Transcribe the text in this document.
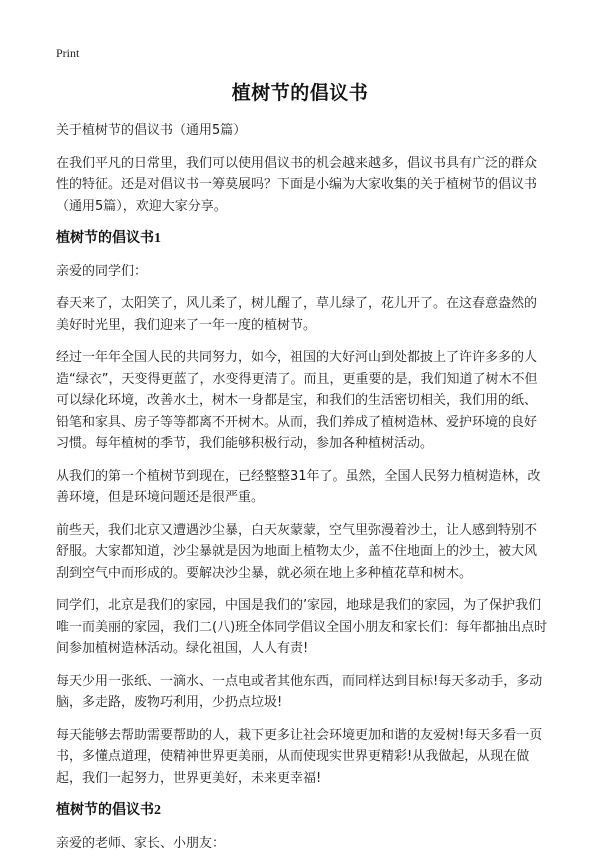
Print
植树节的倡议书

关于植树节的倡议书（通用5篇）

在我们平凡的日常里，我们可以使用倡议书的机会越来越多，倡议书具有广泛的群众性的特征。还是对倡议书一筹莫展吗？下面是小编为大家收集的关于植树节的倡议书（通用5篇），欢迎大家分享。

植树节的倡议书1

亲爱的同学们：

春天来了，太阳笑了，风儿柔了，树儿醒了，草儿绿了，花儿开了。在这春意盎然的美好时光里，我们迎来了一年一度的植树节。

经过一年年全国人民的共同努力，如今，祖国的大好河山到处都披上了许许多多的人造“绿衣”，天变得更蓝了，水变得更清了。而且，更重要的是，我们知道了树木不但可以绿化环境，改善水土，树木一身都是宝，和我们的生活密切相关，我们用的纸、铅笔和家具、房子等等都离不开树木。从而，我们养成了植树造林、爱护环境的良好习惯。每年植树的季节，我们能够积极行动，参加各种植树活动。

从我们的第一个植树节到现在，已经整整31年了。虽然，全国人民努力植树造林，改善环境，但是环境问题还是很严重。

前些天，我们北京又遭遇沙尘暴，白天灰蒙蒙，空气里弥漫着沙土，让人感到特别不舒服。大家都知道，沙尘暴就是因为地面上植物太少，盖不住地面上的沙土，被大风刮到空气中而形成的。要解决沙尘暴，就必须在地上多种植花草和树木。

同学们，北京是我们的家园，中国是我们的’家园，地球是我们的家园，为了保护我们唯一而美丽的家园，我们二(八)班全体同学倡议全国小朋友和家长们：每年都抽出点时间参加植树造林活动。绿化祖国，人人有责!

每天少用一张纸、一滴水、一点电或者其他东西，而同样达到目标!每天多动手，多动脑，多走路，废物巧利用，少扔点垃圾!

每天能够去帮助需要帮助的人，栽下更多让社会环境更加和谐的友爱树!每天多看一页书，多懂点道理，使精神世界更美丽，从而使现实世界更精彩!从我做起，从现在做起，我们一起努力，世界更美好，未来更幸福!

植树节的倡议书2

亲爱的老师、家长、小朋友：
